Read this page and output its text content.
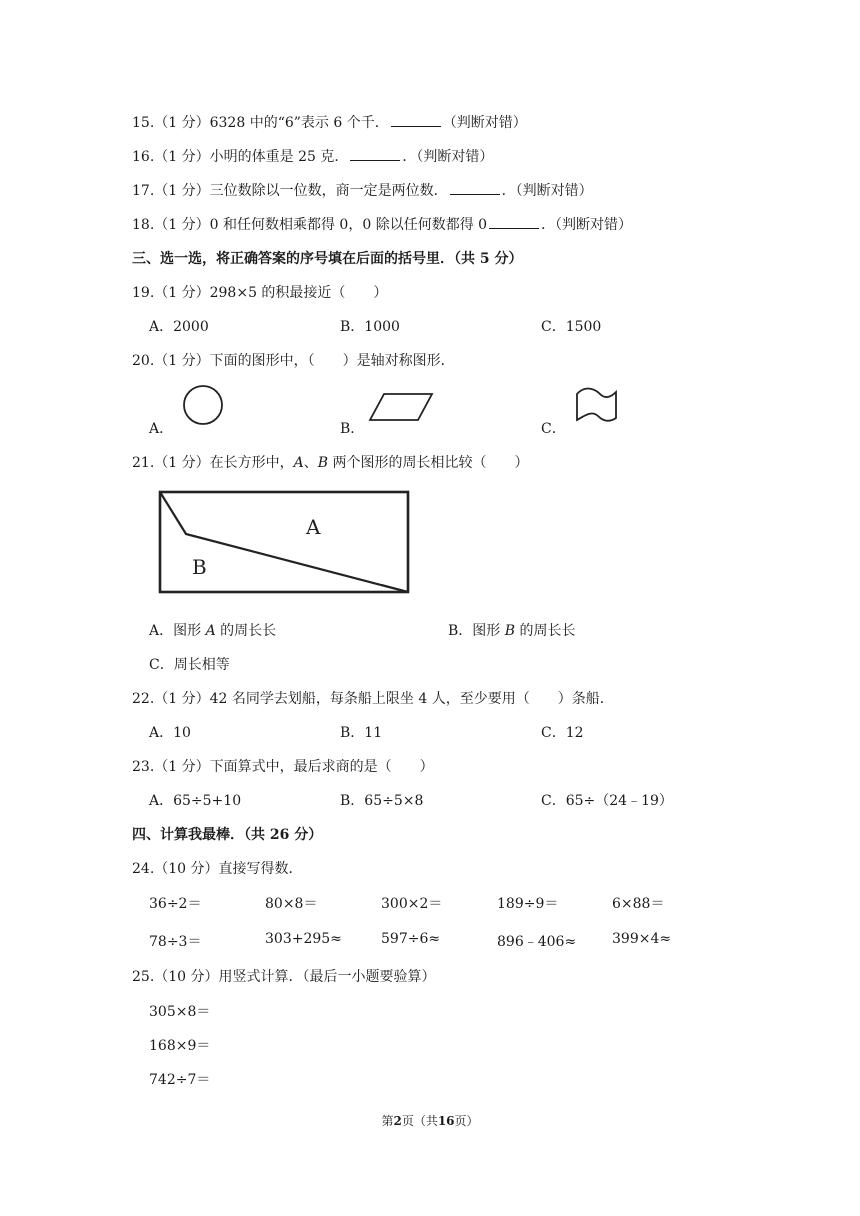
15.（1 分）6328 中的“6”表示 6 个千．	（判断对错）
16.（1 分）小明的体重是 25 克．	．（判断对错）
17.（1 分）三位数除以一位数，商一定是两位数．	．（判断对错）
18.（1 分）0 和任何数相乘都得 0，0 除以任何数都得 0	．（判断对错）
三、选一选，将正确答案的序号填在后面的括号里．（共 5 分）
19.（1 分）298×5 的积最接近（　　）
A．2000	B．1000	C．1500
20.（1 分）下面的图形中，（　　）是轴对称图形．
A．	B．	C．
21.（1 分）在长方形中，A、B 两个图形的周长相比较（　　）
A
B
A．图形 A 的周长长	B．图形 B 的周长长
C．周长相等
22.（1 分）42 名同学去划船，每条船上限坐 4 人，至少要用（　　）条船．
A．10	B．11	C．12
23.（1 分）下面算式中，最后求商的是（　　）
A．65÷5+10	B．65÷5×8	C．65÷（24﹣19）
四、计算我最棒．（共 26 分）
24.（10 分）直接写得数．
36÷2＝	80×8＝	300×2＝	189÷9＝	6×88＝
78÷3＝	303+295≈	597÷6≈	896﹣406≈	399×4≈
25.（10 分）用竖式计算．（最后一小题要验算）
305×8＝
168×9＝
742÷7＝
第2页（共16页）
